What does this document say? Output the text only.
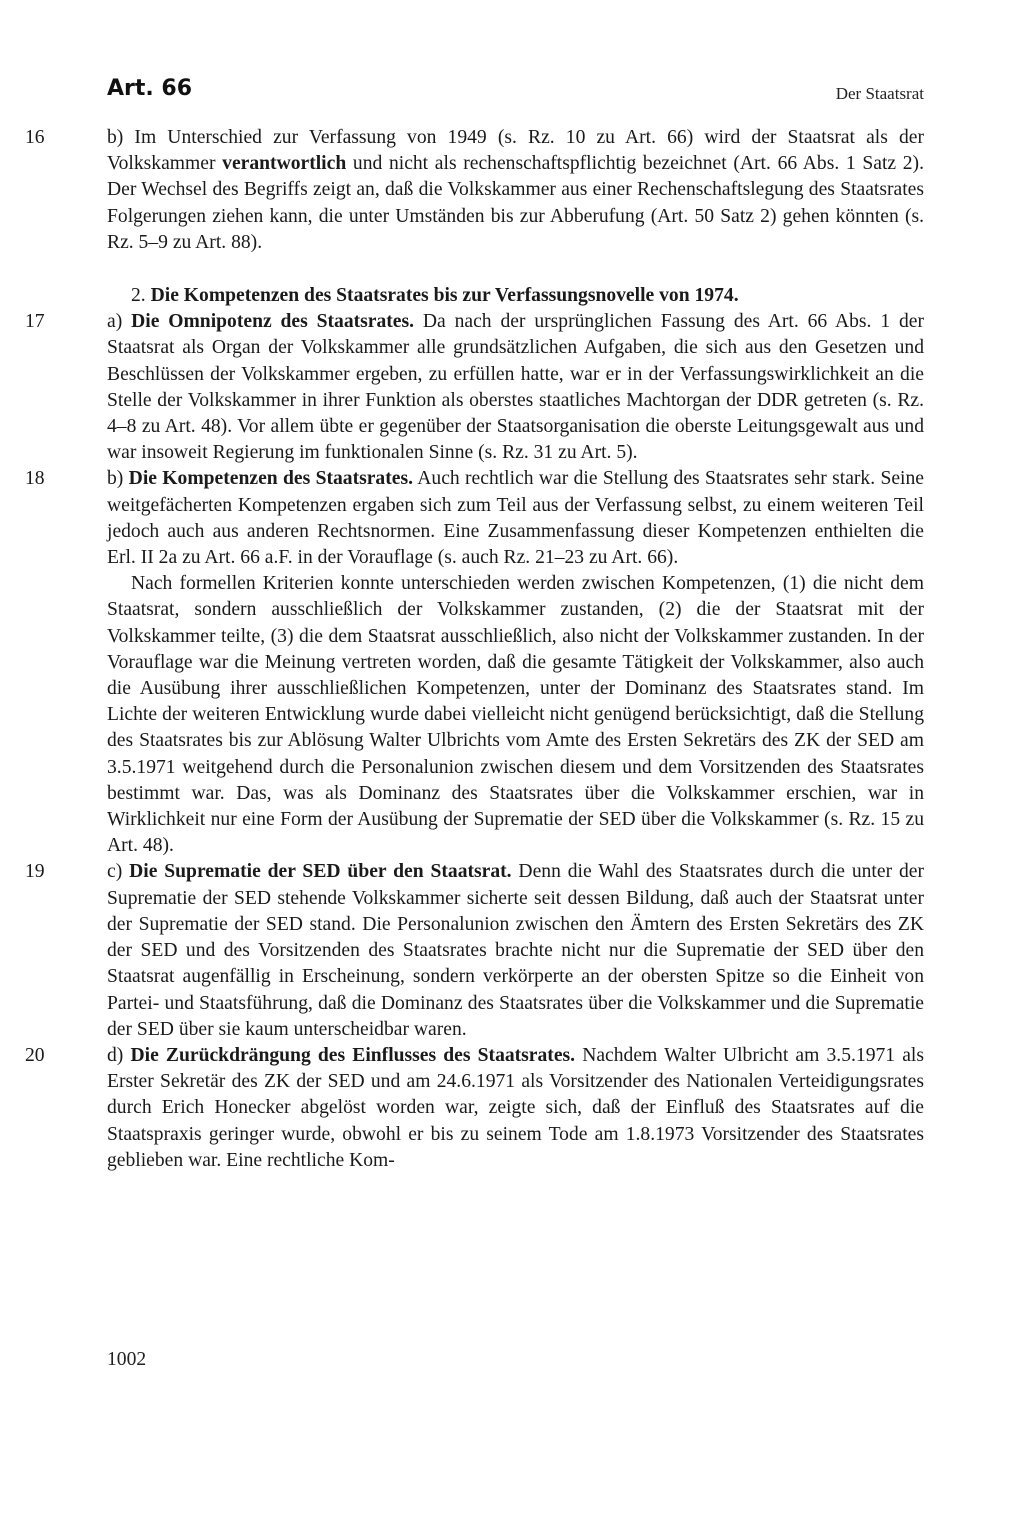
Art. 66	Der Staatsrat

16	b) Im Unterschied zur Verfassung von 1949 (s. Rz. 10 zu Art. 66) wird der Staatsrat als der Volkskammer verantwortlich und nicht als rechenschaftspflichtig bezeichnet (Art. 66 Abs. 1 Satz 2). Der Wechsel des Begriffs zeigt an, daß die Volkskammer aus einer Rechenschaftslegung des Staatsrates Folgerungen ziehen kann, die unter Umständen bis zur Abberufung (Art. 50 Satz 2) gehen könnten (s. Rz. 5–9 zu Art. 88).

2. Die Kompetenzen des Staatsrates bis zur Verfassungsnovelle von 1974.

17	a) Die Omnipotenz des Staatsrates. Da nach der ursprünglichen Fassung des Art. 66 Abs. 1 der Staatsrat als Organ der Volkskammer alle grundsätzlichen Aufgaben, die sich aus den Gesetzen und Beschlüssen der Volkskammer ergeben, zu erfüllen hatte, war er in der Verfassungswirklichkeit an die Stelle der Volkskammer in ihrer Funktion als oberstes staatliches Machtorgan der DDR getreten (s. Rz. 4–8 zu Art. 48). Vor allem übte er gegenüber der Staatsorganisation die oberste Leitungsgewalt aus und war insoweit Regierung im funktionalen Sinne (s. Rz. 31 zu Art. 5).

18	b) Die Kompetenzen des Staatsrates. Auch rechtlich war die Stellung des Staatsrates sehr stark. Seine weitgefächerten Kompetenzen ergaben sich zum Teil aus der Verfassung selbst, zu einem weiteren Teil jedoch auch aus anderen Rechtsnormen. Eine Zusammenfassung dieser Kompetenzen enthielten die Erl. II 2a zu Art. 66 a.F. in der Vorauflage (s. auch Rz. 21–23 zu Art. 66).

Nach formellen Kriterien konnte unterschieden werden zwischen Kompetenzen, (1) die nicht dem Staatsrat, sondern ausschließlich der Volkskammer zustanden, (2) die der Staatsrat mit der Volkskammer teilte, (3) die dem Staatsrat ausschließlich, also nicht der Volkskammer zustanden. In der Vorauflage war die Meinung vertreten worden, daß die gesamte Tätigkeit der Volkskammer, also auch die Ausübung ihrer ausschließlichen Kompetenzen, unter der Dominanz des Staatsrates stand. Im Lichte der weiteren Entwicklung wurde dabei vielleicht nicht genügend berücksichtigt, daß die Stellung des Staatsrates bis zur Ablösung Walter Ulbrichts vom Amte des Ersten Sekretärs des ZK der SED am 3.5.1971 weitgehend durch die Personalunion zwischen diesem und dem Vorsitzenden des Staatsrates bestimmt war. Das, was als Dominanz des Staatsrates über die Volkskammer erschien, war in Wirklichkeit nur eine Form der Ausübung der Suprematie der SED über die Volkskammer (s. Rz. 15 zu Art. 48).

19	c) Die Suprematie der SED über den Staatsrat. Denn die Wahl des Staatsrates durch die unter der Suprematie der SED stehende Volkskammer sicherte seit dessen Bildung, daß auch der Staatsrat unter der Suprematie der SED stand. Die Personalunion zwischen den Ämtern des Ersten Sekretärs des ZK der SED und des Vorsitzenden des Staatsrates brachte nicht nur die Suprematie der SED über den Staatsrat augenfällig in Erscheinung, sondern verkörperte an der obersten Spitze so die Einheit von Partei- und Staatsführung, daß die Dominanz des Staatsrates über die Volkskammer und die Suprematie der SED über sie kaum unterscheidbar waren.

20	d) Die Zurückdrängung des Einflusses des Staatsrates. Nachdem Walter Ulbricht am 3.5.1971 als Erster Sekretär des ZK der SED und am 24.6.1971 als Vorsitzender des Nationalen Verteidigungsrates durch Erich Honecker abgelöst worden war, zeigte sich, daß der Einfluß des Staatsrates auf die Staatspraxis geringer wurde, obwohl er bis zu seinem Tode am 1.8.1973 Vorsitzender des Staatsrates geblieben war. Eine rechtliche Kom-

1002
